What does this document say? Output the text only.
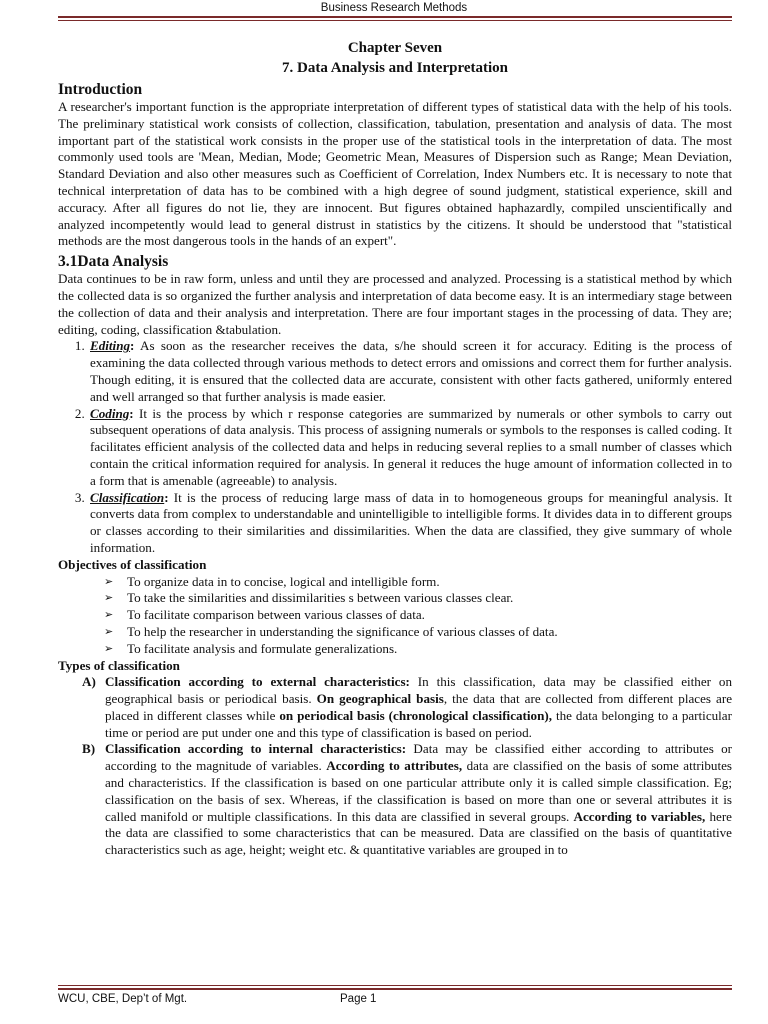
Business Research Methods
Chapter Seven
7. Data Analysis and Interpretation
Introduction

A researcher's important function is the appropriate interpretation of different types of statistical data with the help of his tools. The preliminary statistical work consists of collection, classification, tabulation, presentation and analysis of data. The most important part of the statistical work consists in the proper use of the statistical tools in the interpretation of data. The most commonly used tools are 'Mean, Median, Mode; Geometric Mean, Measures of Dispersion such as Range; Mean Deviation, Standard Deviation and also other measures such as Coefficient of Correlation, Index Numbers etc. It is necessary to note that technical interpretation of data has to be combined with a high degree of sound judgment, statistical experience, skill and accuracy. After all figures do not lie, they are innocent. But figures obtained haphazardly, compiled unscientifically and analyzed incompetently would lead to general distrust in statistics by the citizens. It should be understood that "statistical methods are the most dangerous tools in the hands of an expert".

3.1Data Analysis

Data continues to be in raw form, unless and until they are processed and analyzed. Processing is a statistical method by which the collected data is so organized the further analysis and interpretation of data become easy. It is an intermediary stage between the collection of data and their analysis and interpretation. There are four important stages in the processing of data. They are; editing, coding, classification &tabulation.

1. Editing: As soon as the researcher receives the data, s/he should screen it for accuracy. Editing is the process of examining the data collected through various methods to detect errors and omissions and correct them for further analysis. Though editing, it is ensured that the collected data are accurate, consistent with other facts gathered, uniformly entered and well arranged so that further analysis is made easier.
2. Coding: It is the process by which r response categories are summarized by numerals or other symbols to carry out subsequent operations of data analysis. This process of assigning numerals or symbols to the responses is called coding. It facilitates efficient analysis of the collected data and helps in reducing several replies to a small number of classes which contain the critical information required for analysis. In general it reduces the huge amount of information collected in to a form that is amenable (agreeable) to analysis.
3. Classification: It is the process of reducing large mass of data in to homogeneous groups for meaningful analysis. It converts data from complex to understandable and unintelligible to intelligible forms. It divides data in to different groups or classes according to their similarities and dissimilarities. When the data are classified, they give summary of whole information.
Objectives of classification
➢ To organize data in to concise, logical and intelligible form.
➢ To take the similarities and dissimilarities s between various classes clear.
➢ To facilitate comparison between various classes of data.
➢ To help the researcher in understanding the significance of various classes of data.
➢ To facilitate analysis and formulate generalizations.
Types of classification
A) Classification according to external characteristics: In this classification, data may be classified either on geographical basis or periodical basis. On geographical basis, the data that are collected from different places are placed in different classes while on periodical basis (chronological classification), the data belonging to a particular time or period are put under one and this type of classification is based on period.
B) Classification according to internal characteristics: Data may be classified either according to attributes or according to the magnitude of variables. According to attributes, data are classified on the basis of some attributes and characteristics. If the classification is based on one particular attribute only it is called simple classification. Eg; classification on the basis of sex. Whereas, if the classification is based on more than one or several attributes it is called manifold or multiple classifications. In this data are classified in several groups. According to variables, here the data are classified to some characteristics that can be measured. Data are classified on the basis of quantitative characteristics such as age, height; weight etc. & quantitative variables are grouped in to
WCU, CBE, Dep’t of Mgt.	Page 1
